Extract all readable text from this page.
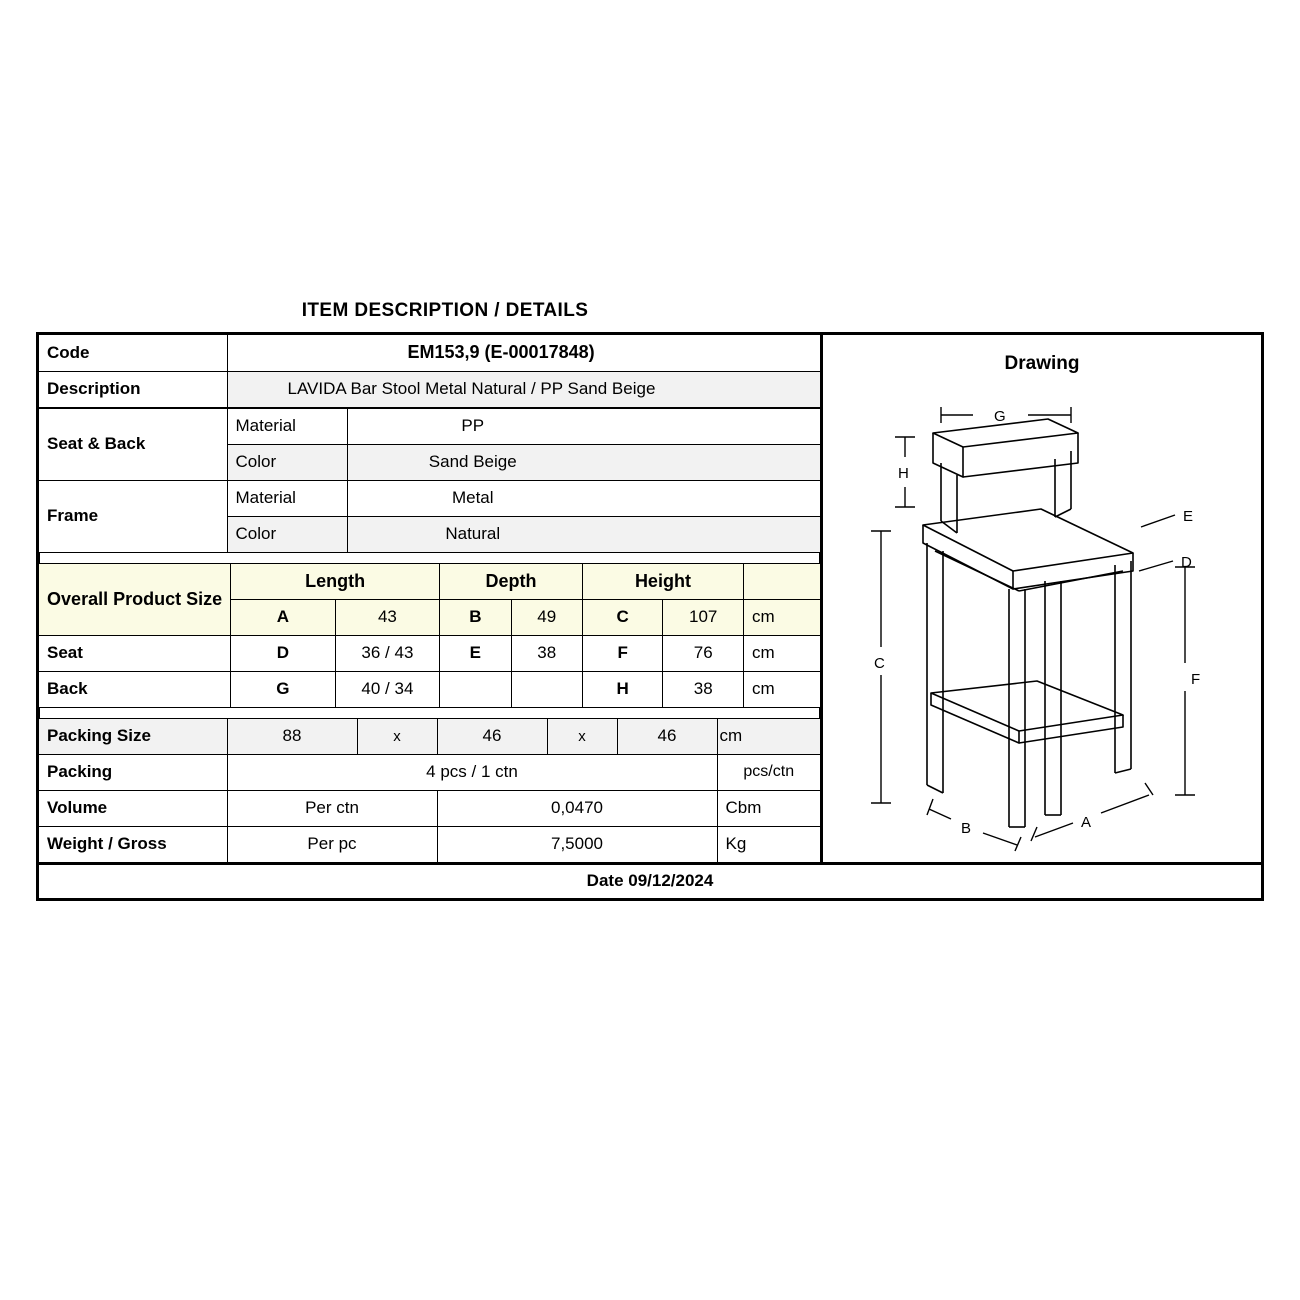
ITEM DESCRIPTION / DETAILS
Code	EM153,9 (E-00017848)
Description	LAVIDA Bar Stool Metal Natural / PP Sand Beige
Seat & Back	Material	PP
	Color	Sand Beige
Frame	Material	Metal
	Color	Natural
Overall Product Size	Length		Depth		Height		
	A	43	B	49	C	107	cm
Seat	D	36 / 43	E	38	F	76	cm
Back	G	40 / 34			H	38	cm
Packing Size	88	x	46	x	46	cm
Packing	4 pcs / 1 ctn					pcs/ctn
Volume	Per ctn		0,0470			Cbm
Weight / Gross	Per pc		7,5000			Kg
Drawing
G
H
C
E
D
F
A
B
Date 09/12/2024
